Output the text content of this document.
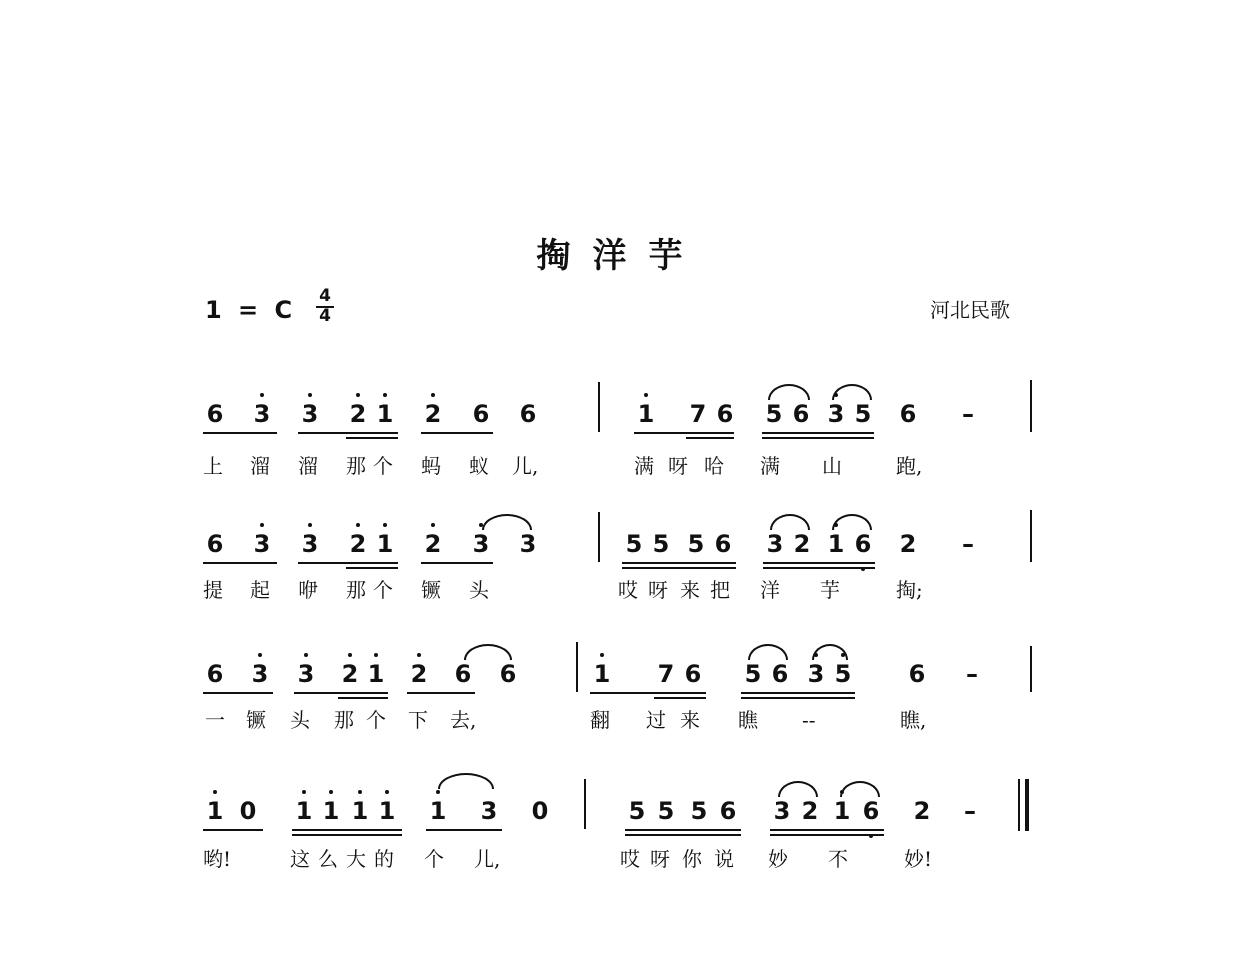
掏洋芋
1 = C 4
4	河北民歌
6 3 3 2 1 2 6 6	1 7 6 5 6 3 5 6 –
上 溜 溜 那 个 蚂 蚁 儿,	满 呀 哈 满 山	跑,
6 3 3 2 1 2 3 3	5 5 5 6 3 2 1 6 2 –
提 起 咿 那 个 镢 头	哎 呀 来 把 洋 芋	掏;
6 3 3 2 1 2 6 6	1 7 6 5 6 3 5 6 –
一 镢 头 那 个 下 去,	翻 过 来 瞧 --	瞧,
1 0 1 1 1 1 1 3 0	5 5 5 6 3 2 1 6 2 –
哟!	这 么 大 的 个 儿,	哎 呀 你 说 妙 不	妙!
